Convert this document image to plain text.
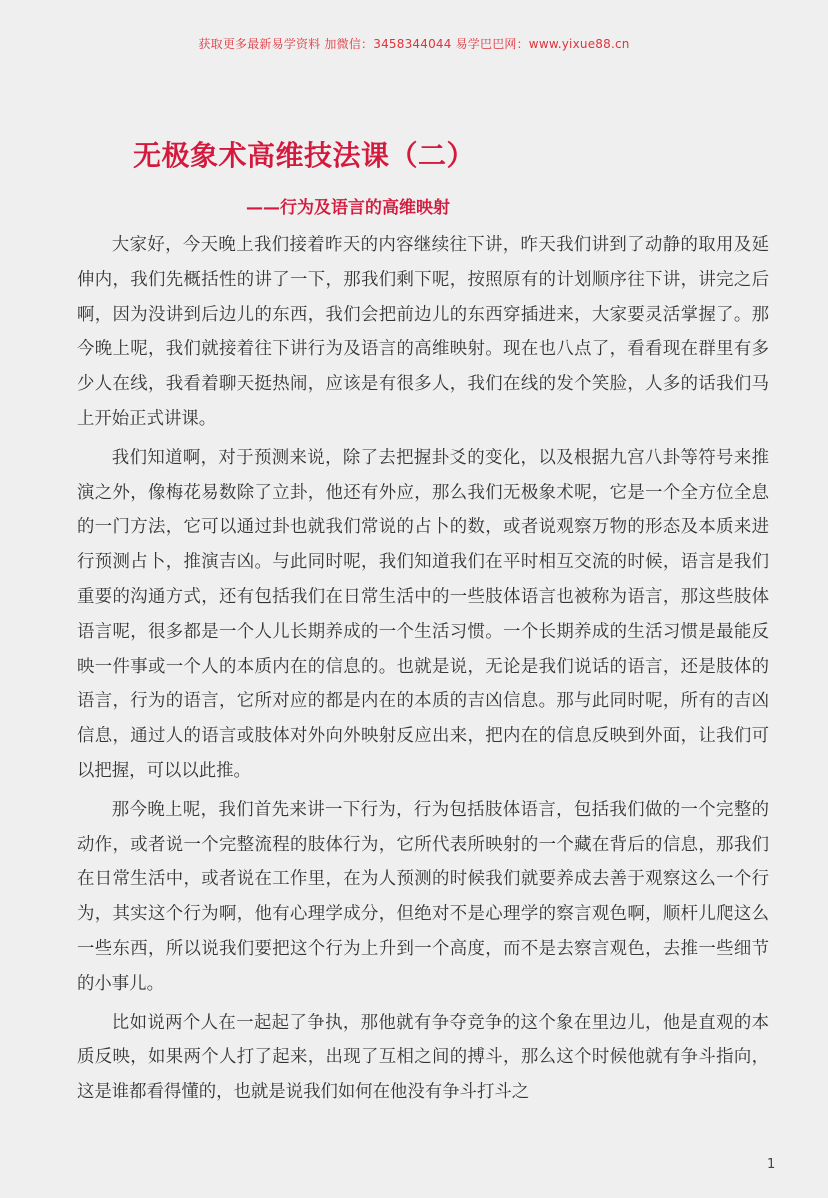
获取更多最新易学资料 加微信：3458344044 易学巴巴网：www.yixue88.cn
无极象术高维技法课（二）
——行为及语言的高维映射

大家好，今天晚上我们接着昨天的内容继续往下讲，昨天我们讲到了动静的取用及延伸内，我们先概括性的讲了一下，那我们剩下呢，按照原有的计划顺序往下讲，讲完之后啊，因为没讲到后边儿的东西，我们会把前边儿的东西穿插进来，大家要灵活掌握了。那今晚上呢，我们就接着往下讲行为及语言的高维映射。现在也八点了，看看现在群里有多少人在线，我看着聊天挺热闹，应该是有很多人，我们在线的发个笑脸，人多的话我们马上开始正式讲课。

我们知道啊，对于预测来说，除了去把握卦爻的变化，以及根据九宫八卦等符号来推演之外，像梅花易数除了立卦，他还有外应，那么我们无极象术呢，它是一个全方位全息的一门方法，它可以通过卦也就我们常说的占卜的数，或者说观察万物的形态及本质来进行预测占卜，推演吉凶。与此同时呢，我们知道我们在平时相互交流的时候，语言是我们重要的沟通方式，还有包括我们在日常生活中的一些肢体语言也被称为语言，那这些肢体语言呢，很多都是一个人儿长期养成的一个生活习惯。一个长期养成的生活习惯是最能反映一件事或一个人的本质内在的信息的。也就是说，无论是我们说话的语言，还是肢体的语言，行为的语言，它所对应的都是内在的本质的吉凶信息。那与此同时呢，所有的吉凶信息，通过人的语言或肢体对外向外映射反应出来，把内在的信息反映到外面，让我们可以把握，可以以此推。

那今晚上呢，我们首先来讲一下行为，行为包括肢体语言，包括我们做的一个完整的动作，或者说一个完整流程的肢体行为，它所代表所映射的一个藏在背后的信息，那我们在日常生活中，或者说在工作里，在为人预测的时候我们就要养成去善于观察这么一个行为，其实这个行为啊，他有心理学成分，但绝对不是心理学的察言观色啊，顺杆儿爬这么一些东西，所以说我们要把这个行为上升到一个高度，而不是去察言观色，去推一些细节的小事儿。

比如说两个人在一起起了争执，那他就有争夺竞争的这个象在里边儿，他是直观的本质反映，如果两个人打了起来，出现了互相之间的搏斗，那么这个时候他就有争斗指向，这是谁都看得懂的，也就是说我们如何在他没有争斗打斗之

1
